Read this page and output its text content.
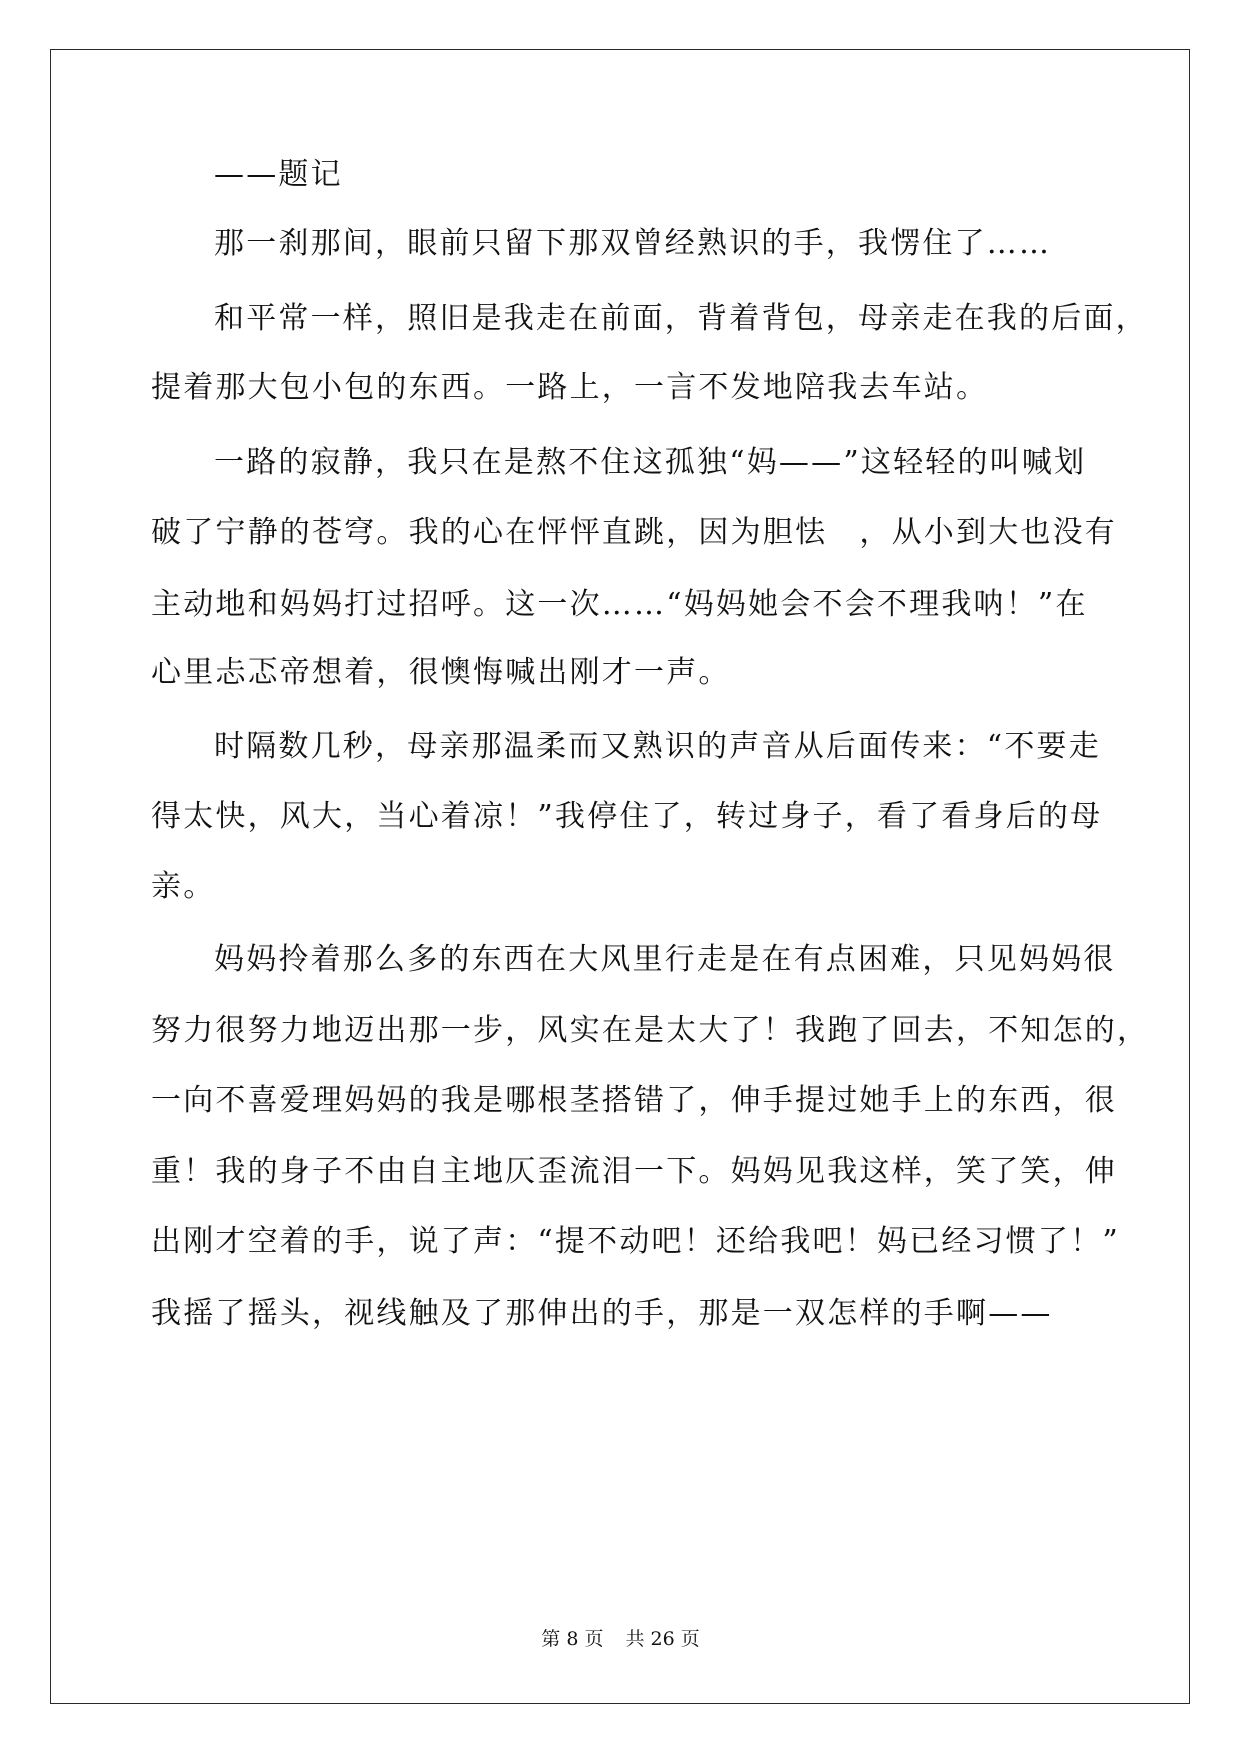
——题记
那一刹那间，眼前只留下那双曾经熟识的手，我愣住了……
和平常一样，照旧是我走在前面，背着背包，母亲走在我的后面，
提着那大包小包的东西。一路上，一言不发地陪我去车站。
一路的寂静，我只在是熬不住这孤独“妈——”这轻轻的叫喊划
破了宁静的苍穹。我的心在怦怦直跳，因为胆怯　，从小到大也没有
主动地和妈妈打过招呼。这一次……“妈妈她会不会不理我呐！”在
心里忐忑帝想着，很懊悔喊出刚才一声。
时隔数几秒，母亲那温柔而又熟识的声音从后面传来：“不要走
得太快，风大，当心着凉！”我停住了，转过身子，看了看身后的母
亲。
妈妈拎着那么多的东西在大风里行走是在有点困难，只见妈妈很
努力很努力地迈出那一步，风实在是太大了！我跑了回去，不知怎的，
一向不喜爱理妈妈的我是哪根茎搭错了，伸手提过她手上的东西，很
重！我的身子不由自主地仄歪流泪一下。妈妈见我这样，笑了笑，伸
出刚才空着的手，说了声：“提不动吧！还给我吧！妈已经习惯了！”
我摇了摇头，视线触及了那伸出的手，那是一双怎样的手啊——
第 8 页 共 26 页
